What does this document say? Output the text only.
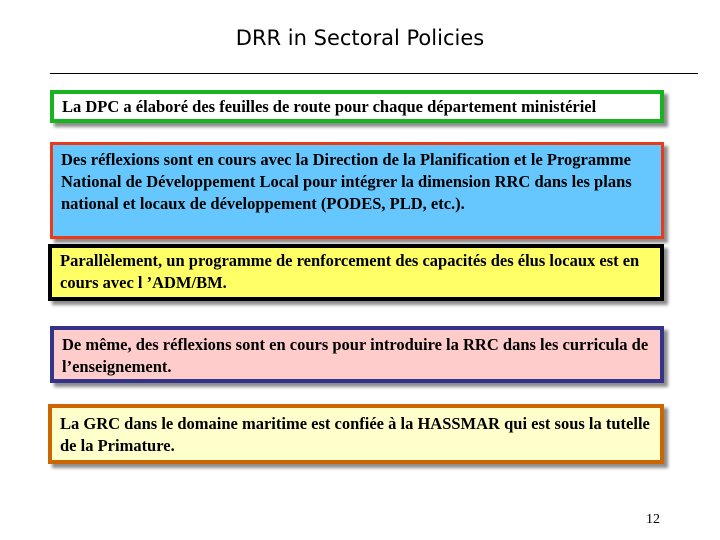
DRR in Sectoral Policies
La DPC a élaboré des feuilles de route pour chaque département ministériel
Des réflexions sont en cours avec la Direction de la Planification et le Programme National de Développement Local pour intégrer la dimension RRC dans les plans national et locaux de développement (PODES, PLD, etc.).
Parallèlement, un programme de renforcement des capacités des élus locaux est en cours avec l ’ADM/BM.
De même, des réflexions sont en cours pour introduire la RRC dans les curricula de l’enseignement.
La GRC dans le domaine maritime est confiée à la HASSMAR qui est sous la tutelle de la Primature.
12
